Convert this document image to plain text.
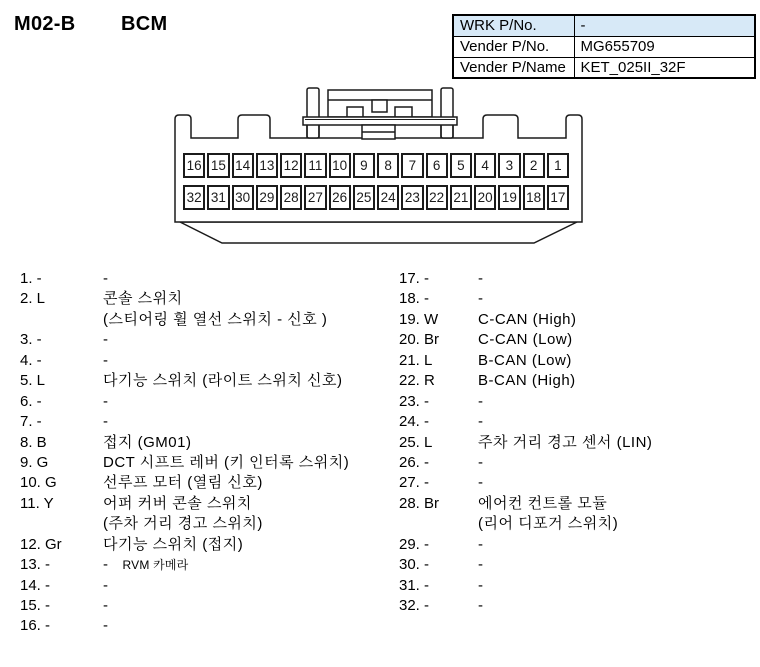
M02-B BCM	WRK P/No.	-
Vender P/No.	MG655709
Vender P/Name	KET_025II_32F
16 15 14 13 12 11 10 9	8	7	6	5	4	3	2	1
32 31 30 29 28 27 26 25 24 23 22 21 20 19 18 17
1. -	-
2. L	콘솔 스위치
(스티어링 휠 열선 스위치 - 신호 )
3. -	-
4. -	-
5. L	다기능 스위치 (라이트 스위치 신호)
6. -	-
7. -	-
8. B	접지 (GM01)
9. G	DCT 시프트 레버 (키 인터록 스위치)
10. G	선루프 모터 (열림 신호)
11. Y	어퍼 커버 콘솔 스위치
(주차 거리 경고 스위치)
12. Gr	다기능 스위치 (접지)
13. -	- RVM 카메라
14. -	-
15. -	-
16. -	-
17. -	-
18. -	-
19. W	C-CAN (High)
20. Br	C-CAN (Low)
21. L	B-CAN (Low)
22. R	B-CAN (High)
23. -	-
24. -	-
25. L	주차 거리 경고 센서 (LIN)
26. -	-
27. -	-
28. Br	에어컨 컨트롤 모듈
(리어 디포거 스위치)
29. -	-
30. -	-
31. -	-
32. -	-
